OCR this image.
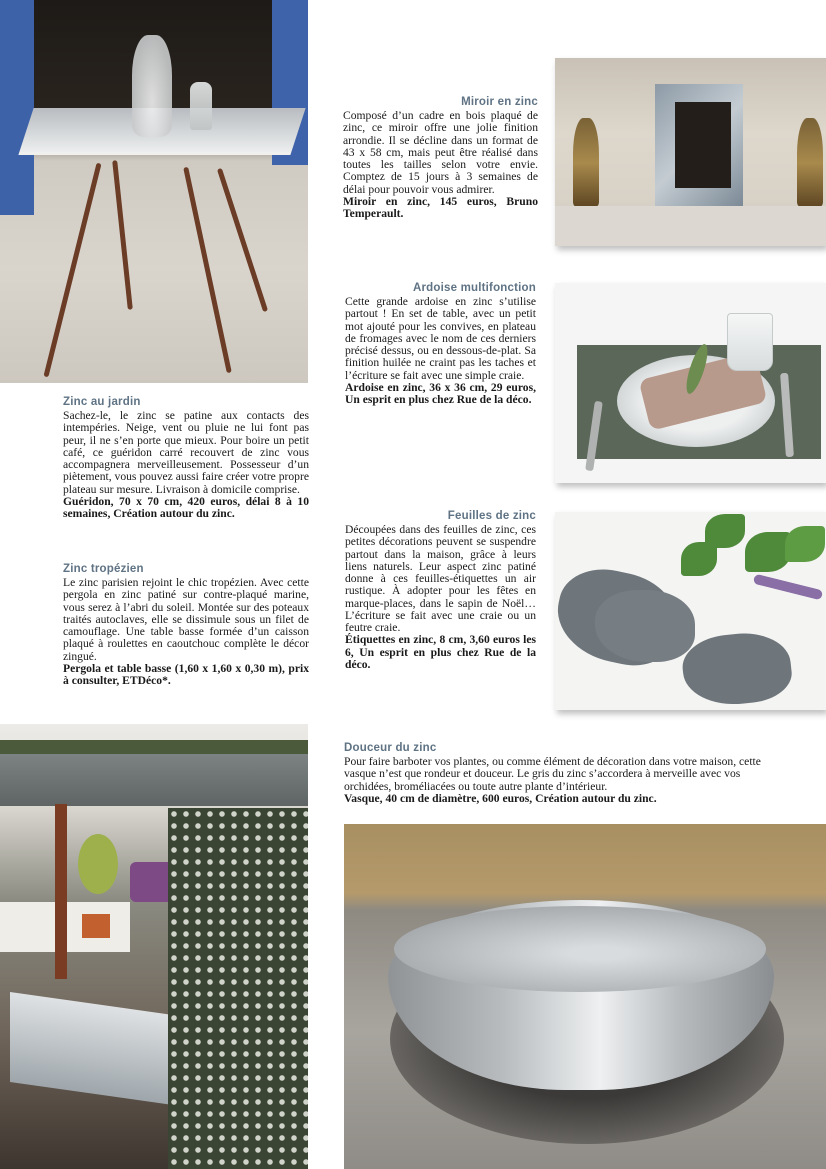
Miroir en zinc

Composé d’un cadre en bois plaqué de zinc, ce miroir offre une jolie finition arrondie. Il se décline dans un format de 43 x 58 cm, mais peut être réalisé dans toutes les tailles selon votre envie. Comptez de 15 jours à 3 semaines de délai pour pouvoir vous admirer.

Miroir en zinc, 145 euros, Bruno Temperault.

Ardoise multifonction

Cette grande ardoise en zinc s’utilise partout ! En set de table, avec un petit mot ajouté pour les convives, en plateau de fromages avec le nom de ces derniers précisé dessus, ou en dessous-de-plat. Sa finition huilée ne craint pas les taches et l’écriture se fait avec une simple craie.

Ardoise en zinc, 36 x 36 cm, 29 euros, Un esprit en plus chez Rue de la déco.

Feuilles de zinc

Découpées dans des feuilles de zinc, ces petites décorations peuvent se suspendre partout dans la maison, grâce à leurs liens naturels. Leur aspect zinc patiné donne à ces feuilles-étiquettes un air rustique. À adopter pour les fêtes en marque-places, dans le sapin de Noël… L’écriture se fait avec une craie ou un feutre craie.

Étiquettes en zinc, 8 cm, 3,60 euros les 6, Un esprit en plus chez Rue de la déco.

Zinc au jardin

Sachez-le, le zinc se patine aux contacts des intempéries. Neige, vent ou pluie ne lui font pas peur, il ne s’en porte que mieux. Pour boire un petit café, ce guéridon carré recouvert de zinc vous accompagnera merveilleusement. Possesseur d’un piètement, vous pouvez aussi faire créer votre propre plateau sur mesure. Livraison à domicile comprise.

Guéridon, 70 x 70 cm, 420 euros, délai 8 à 10 semaines, Création autour du zinc.

Zinc tropézien

Le zinc parisien rejoint le chic tropézien. Avec cette pergola en zinc patiné sur contre-plaqué marine, vous serez à l’abri du soleil. Montée sur des poteaux traités autoclaves, elle se dissimule sous un filet de camouflage. Une table basse formée d’un caisson plaqué à roulettes en caoutchouc complète le décor zingué.

Pergola et table basse (1,60 x 1,60 x 0,30 m), prix à consulter, ETDéco*.

Douceur du zinc

Pour faire barboter vos plantes, ou comme élément de décoration dans votre maison, cette vasque n’est que rondeur et douceur. Le gris du zinc s’accordera à merveille avec vos orchidées, broméliacées ou toute autre plante d’intérieur.

Vasque, 40 cm de diamètre, 600 euros, Création autour du zinc.
